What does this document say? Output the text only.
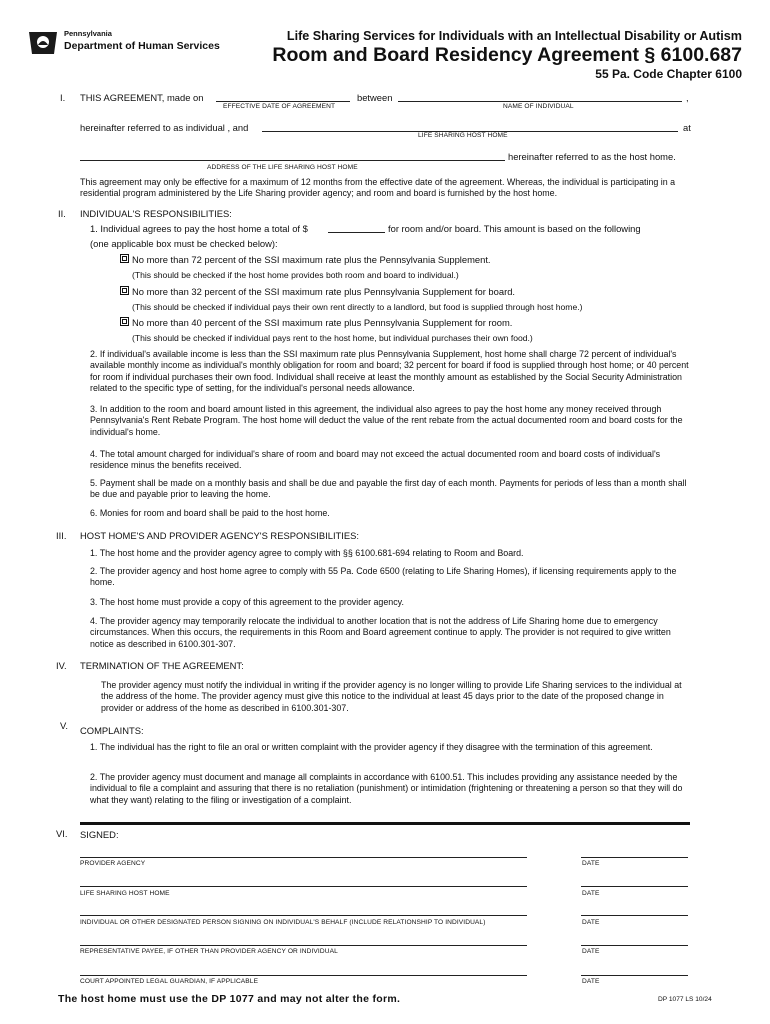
Pennsylvania
Department of Human Services
Life Sharing Services for Individuals with an Intellectual Disability or Autism
Room and Board Residency Agreement § 6100.687
55 Pa. Code Chapter 6100
I. THIS AGREEMENT, made on
EFFECTIVE DATE OF AGREEMENT
between	,
NAME OF INDIVIDUAL
hereinafter referred to as individual , and	at
LIFE SHARING HOST HOME
hereinafter referred to as the host home.
ADDRESS OF THE LIFE SHARING HOST HOME
This agreement may only be effective for a maximum of 12 months from the effective date of the agreement. Whereas, the individual is participating in a residential program administered by the Life Sharing provider agency; and room and board is furnished by the host home.
II. INDIVIDUAL'S RESPONSIBILITIES:
1. Individual agrees to pay the host home a total of $	for room and/or board. This amount is based on the following
(one applicable box must be checked below):
No more than 72 percent of the SSI maximum rate plus the Pennsylvania Supplement.
(This should be checked if the host home provides both room and board to individual.)
No more than 32 percent of the SSI maximum rate plus Pennsylvania Supplement for board.
(This should be checked if individual pays their own rent directly to a landlord, but food is supplied through host home.)
No more than 40 percent of the SSI maximum rate plus Pennsylvania Supplement for room.
(This should be checked if individual pays rent to the host home, but individual purchases their own food.)
2. If individual's available income is less than the SSI maximum rate plus Pennsylvania Supplement, host home shall charge 72 percent of individual's available monthly income as individual's monthly obligation for room and board; 32 percent for board if food is supplied through host home; or 40 percent for room if individual purchases their own food. Individual shall receive at least the monthly amount as established by the Social Security Administration related to the specific type of setting, for the individual's personal needs allowance.
3. In addition to the room and board amount listed in this agreement, the individual also agrees to pay the host home any money received through Pennsylvania's Rent Rebate Program. The host home will deduct the value of the rent rebate from the actual documented room and board costs for the individual's home.
4. The total amount charged for individual's share of room and board may not exceed the actual documented room and board costs of individual's residence minus the benefits received.
5. Payment shall be made on a monthly basis and shall be due and payable the first day of each month. Payments for periods of less than a month shall be due and payable prior to leaving the home.
6. Monies for room and board shall be paid to the host home.
III. HOST HOME'S AND PROVIDER AGENCY'S RESPONSIBILITIES:
1. The host home and the provider agency agree to comply with §§ 6100.681-694 relating to Room and Board.
2. The provider agency and host home agree to comply with 55 Pa. Code 6500 (relating to Life Sharing Homes), if licensing requirements apply to the home.
3. The host home must provide a copy of this agreement to the provider agency.
4. The provider agency may temporarily relocate the individual to another location that is not the address of Life Sharing home due to emergency circumstances. When this occurs, the requirements in this Room and Board agreement continue to apply. The provider is not required to give written notice as described in 6100.301-307.
IV. TERMINATION OF THE AGREEMENT:
The provider agency must notify the individual in writing if the provider agency is no longer willing to provide Life Sharing services to the individual at the address of the home. The provider agency must give this notice to the individual at least 45 days prior to the date of the proposed change in provider or address of the home as described in 6100.301-307.
V. COMPLAINTS:
1. The individual has the right to file an oral or written complaint with the provider agency if they disagree with the termination of this agreement.
2. The provider agency must document and manage all complaints in accordance with 6100.51. This includes providing any assistance needed by the individual to file a complaint and assuring that there is no retaliation (punishment) or intimidation (frightening or threatening a person so that they will do what they want) relating to the filing or investigation of a complaint.
VI. SIGNED:
PROVIDER AGENCY	DATE
LIFE SHARING HOST HOME	DATE
INDIVIDUAL OR OTHER DESIGNATED PERSON SIGNING ON INDIVIDUAL'S BEHALF (INCLUDE RELATIONSHIP TO INDIVIDUAL)	DATE
REPRESENTATIVE PAYEE, IF OTHER THAN PROVIDER AGENCY OR INDIVIDUAL	DATE
COURT APPOINTED LEGAL GUARDIAN, IF APPLICABLE	DATE
The host home must use the DP 1077 and may not alter the form.	DP 1077 LS 10/24
